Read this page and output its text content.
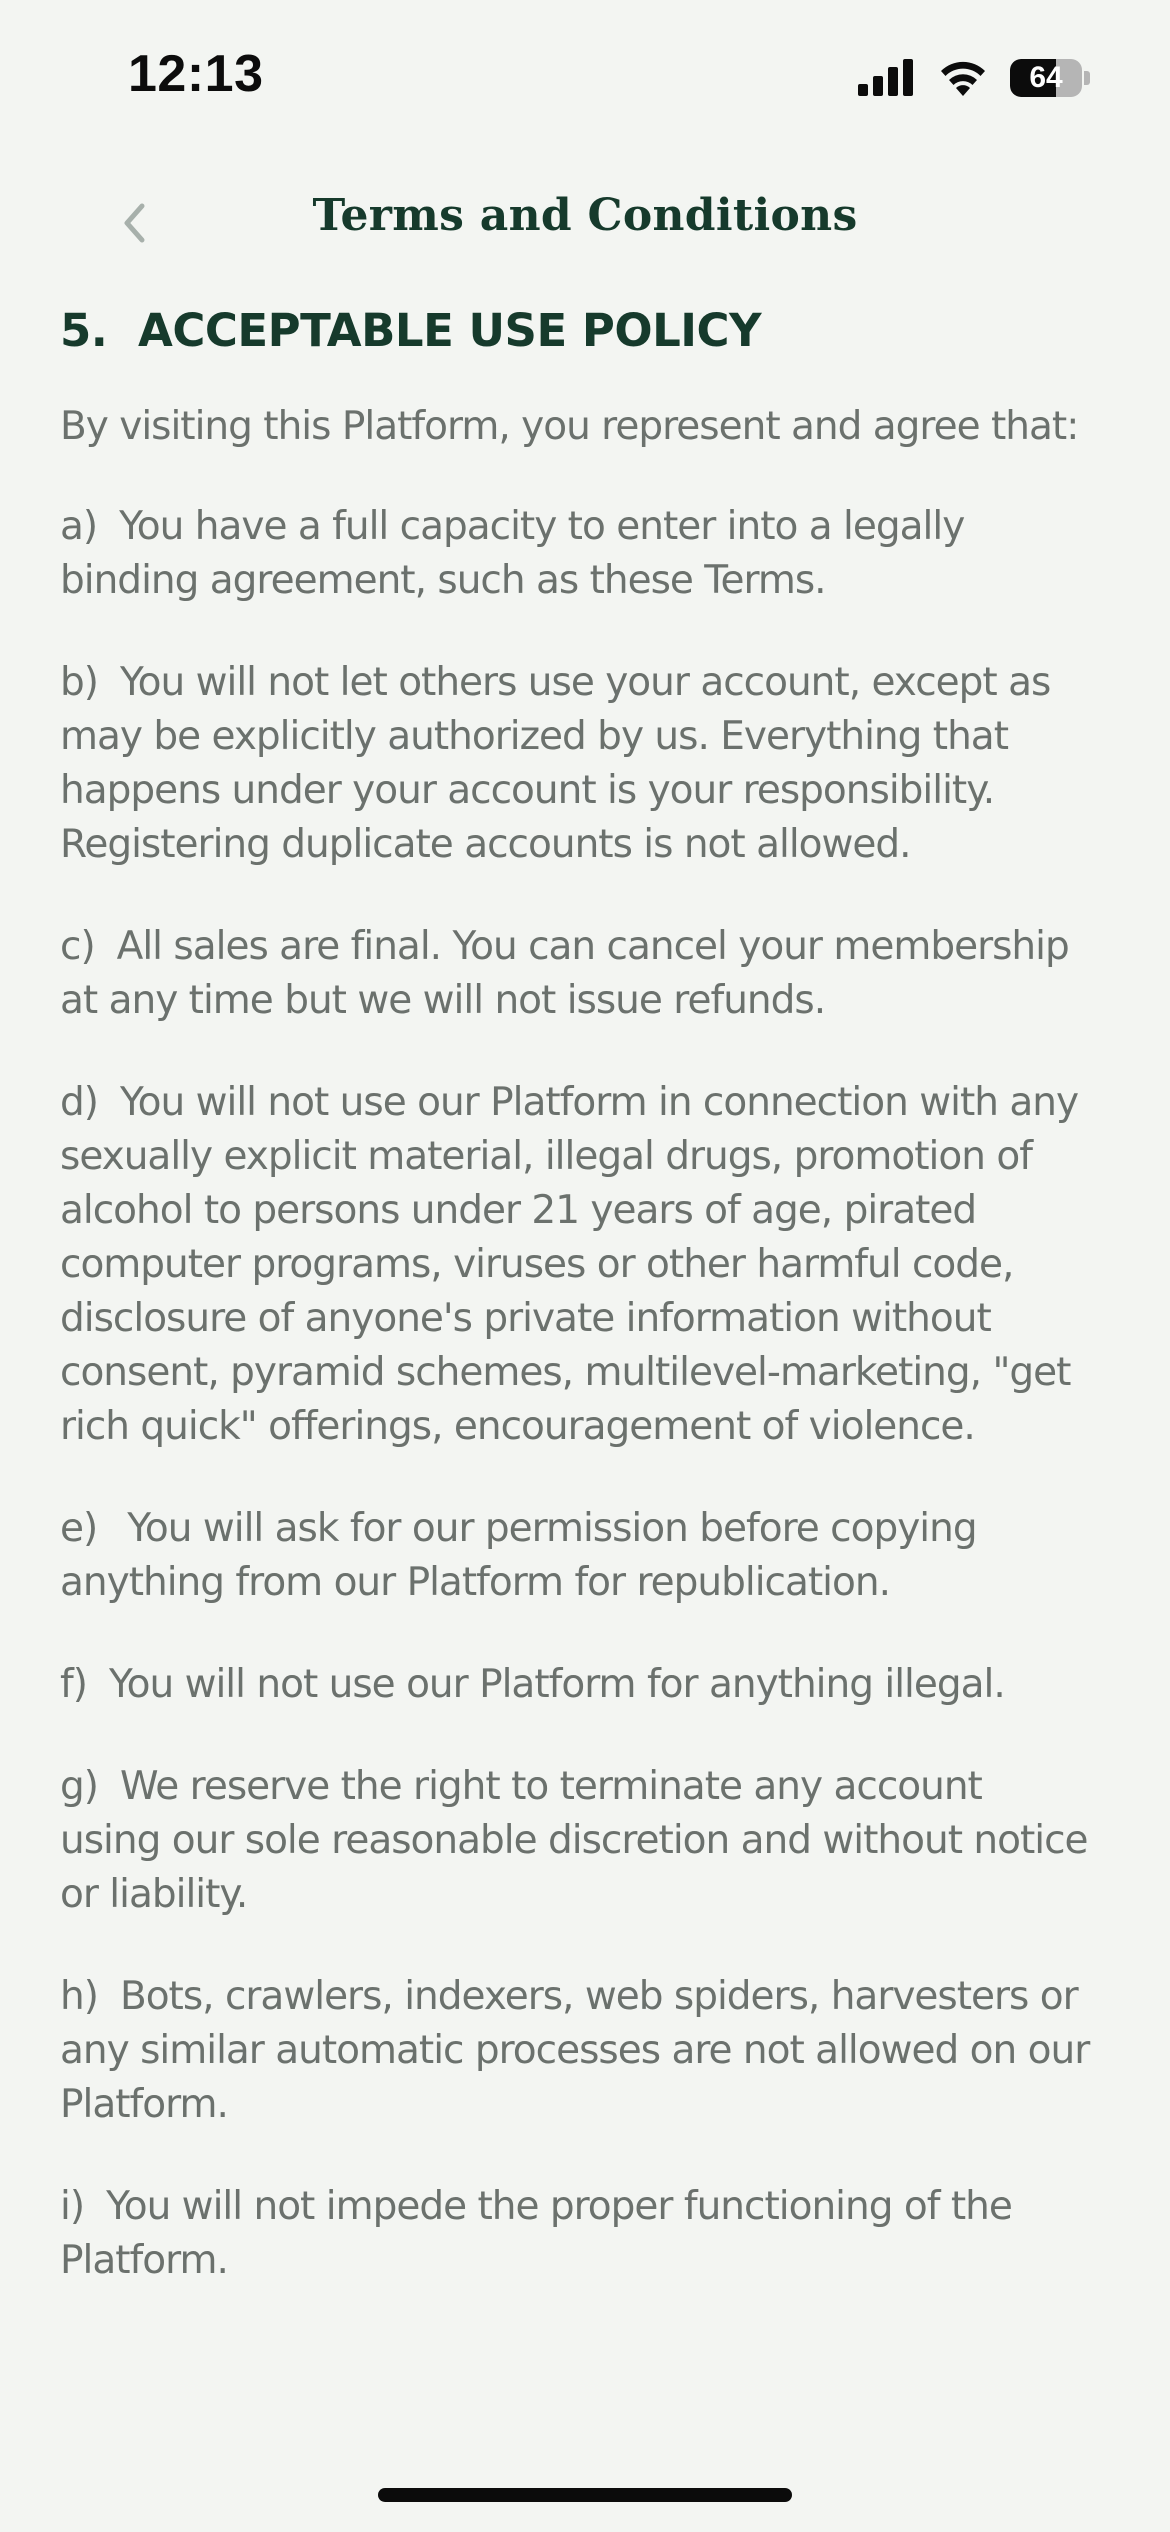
12:13	64
Terms and Conditions
5. ACCEPTABLE USE POLICY

By visiting this Platform, you represent and agree that:

a) You have a full capacity to enter into a legally binding agreement, such as these Terms.

b) You will not let others use your account, except as may be explicitly authorized by us. Everything that happens under your account is your responsibility. Registering duplicate accounts is not allowed.

c) All sales are final. You can cancel your membership at any time but we will not issue refunds.

d) You will not use our Platform in connection with any sexually explicit material, illegal drugs, promotion of alcohol to persons under 21 years of age, pirated computer programs, viruses or other harmful code, disclosure of anyone's private information without consent, pyramid schemes, multilevel-marketing, "get rich quick" offerings, encouragement of violence.

e) You will ask for our permission before copying anything from our Platform for republication.

f) You will not use our Platform for anything illegal.

g) We reserve the right to terminate any account using our sole reasonable discretion and without notice or liability.

h) Bots, crawlers, indexers, web spiders, harvesters or any similar automatic processes are not allowed on our Platform.

i) You will not impede the proper functioning of the Platform.
